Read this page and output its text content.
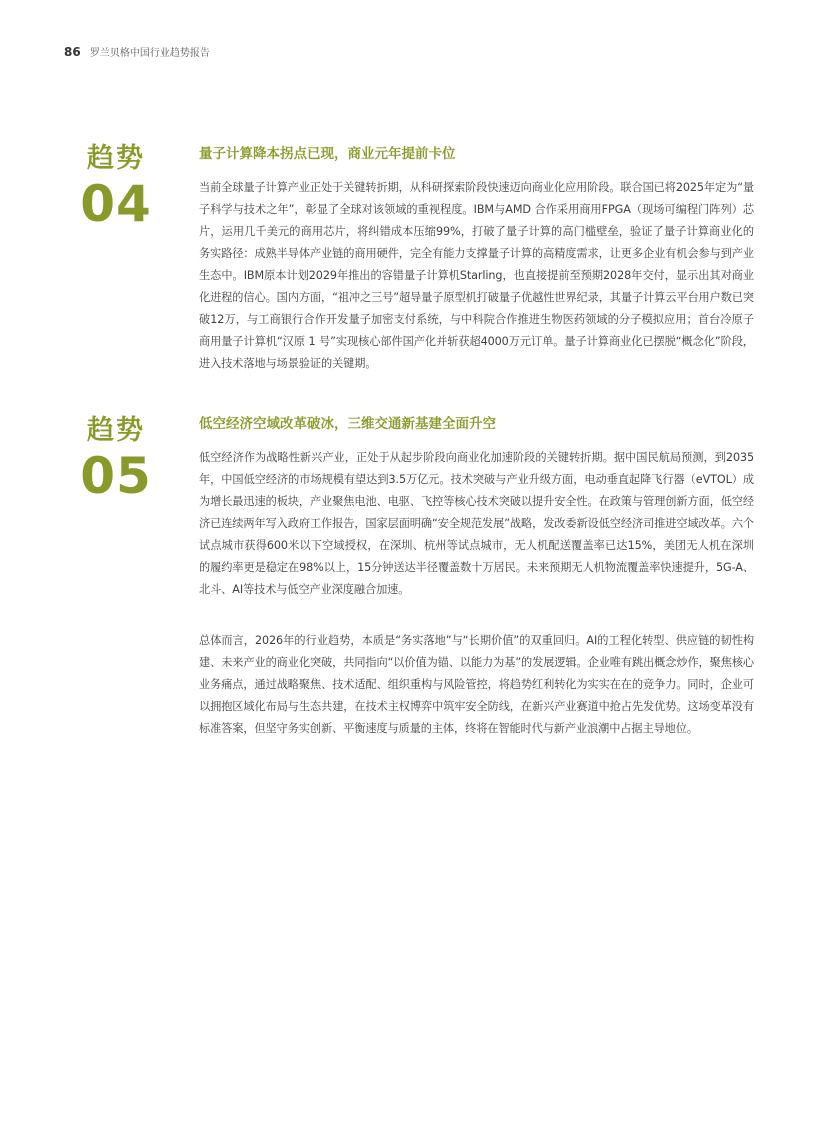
86 罗兰贝格中国行业趋势报告
趋势
04
量子计算降本拐点已现，商业元年提前卡位

当前全球量子计算产业正处于关键转折期，从科研探索阶段快速迈向商业化应用阶段。联合国已将2025年定为“量子科学与技术之年”，彰显了全球对该领域的重视程度。IBM与AMD 合作采用商用FPGA（现场可编程门阵列）芯片，运用几千美元的商用芯片，将纠错成本压缩99%，打破了量子计算的高门槛壁垒，验证了量子计算商业化的务实路径：成熟半导体产业链的商用硬件，完全有能力支撑量子计算的高精度需求，让更多企业有机会参与到产业生态中。IBM原本计划2029年推出的容错量子计算机Starling，也直接提前至预期2028年交付，显示出其对商业化进程的信心。国内方面，“祖冲之三号”超导量子原型机打破量子优越性世界纪录，其量子计算云平台用户数已突破12万，与工商银行合作开发量子加密支付系统，与中科院合作推进生物医药领域的分子模拟应用；首台冷原子商用量子计算机“汉原 1 号”实现核心部件国产化并斩获超4000万元订单。量子计算商业化已摆脱“概念化”阶段，进入技术落地与场景验证的关键期。

趋势
05
低空经济空域改革破冰，三维交通新基建全面升空

低空经济作为战略性新兴产业，正处于从起步阶段向商业化加速阶段的关键转折期。据中国民航局预测，到2035年，中国低空经济的市场规模有望达到3.5万亿元。技术突破与产业升级方面，电动垂直起降飞行器（eVTOL）成为增长最迅速的板块，产业聚焦电池、电驱、飞控等核心技术突破以提升安全性。在政策与管理创新方面，低空经济已连续两年写入政府工作报告，国家层面明确“安全规范发展”战略，发改委新设低空经济司推进空域改革。六个试点城市获得600米以下空域授权，在深圳、杭州等试点城市，无人机配送覆盖率已达15%，美团无人机在深圳的履约率更是稳定在98%以上，15分钟送达半径覆盖数十万居民。未来预期无人机物流覆盖率快速提升，5G-A、北斗、AI等技术与低空产业深度融合加速。

总体而言，2026年的行业趋势，本质是“务实落地”与“长期价值”的双重回归。AI的工程化转型、供应链的韧性构建、未来产业的商业化突破，共同指向“以价值为锚、以能力为基”的发展逻辑。企业唯有跳出概念炒作，聚焦核心业务痛点，通过战略聚焦、技术适配、组织重构与风险管控，将趋势红利转化为实实在在的竞争力。同时，企业可以拥抱区域化布局与生态共建，在技术主权博弈中筑牢安全防线，在新兴产业赛道中抢占先发优势。这场变革没有标准答案，但坚守务实创新、平衡速度与质量的主体，终将在智能时代与新产业浪潮中占据主导地位。
